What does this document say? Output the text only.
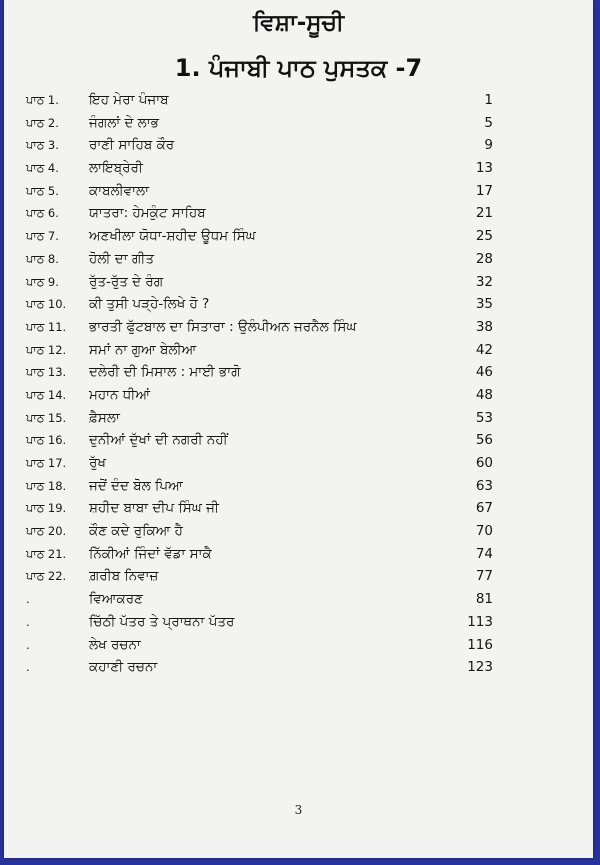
ਵਿਸ਼ਾ-ਸੂਚੀ
1. ਪੰਜਾਬੀ ਪਾਠ ਪੁਸਤਕ -7
ਪਾਠ 1.	ਇਹ ਮੇਰਾ ਪੰਜਾਬ	1
ਪਾਠ 2.	ਜੰਗਲਾਂ ਦੇ ਲਾਭ	5
ਪਾਠ 3.	ਰਾਣੀ ਸਾਹਿਬ ਕੌਰ	9
ਪਾਠ 4.	ਲਾਇਬ੍ਰੇਰੀ	13
ਪਾਠ 5.	ਕਾਬਲੀਵਾਲਾ	17
ਪਾਠ 6.	ਯਾਤਰਾ: ਹੇਮਕੁੰਟ ਸਾਹਿਬ	21
ਪਾਠ 7.	ਅਣਖੀਲਾ ਯੋਧਾ-ਸ਼ਹੀਦ ਊਧਮ ਸਿੰਘ	25
ਪਾਠ 8.	ਹੋਲੀ ਦਾ ਗੀਤ	28
ਪਾਠ 9.	ਰੁੱਤ-ਰੁੱਤ ਦੇ ਰੰਗ	32
ਪਾਠ 10.	ਕੀ ਤੁਸੀ ਪੜ੍ਹੇ-ਲਿਖੇ ਹੋ ?	35
ਪਾਠ 11.	ਭਾਰਤੀ ਫੁੱਟਬਾਲ ਦਾ ਸਿਤਾਰਾ : ਉਲੰਪੀਅਨ ਜਰਨੈਲ ਸਿੰਘ	38
ਪਾਠ 12.	ਸਮਾਂ ਨਾ ਗੁਆ ਬੇਲੀਆ	42
ਪਾਠ 13.	ਦਲੇਰੀ ਦੀ ਮਿਸਾਲ : ਮਾਈ ਭਾਗੋ	46
ਪਾਠ 14.	ਮਹਾਨ ਧੀਆਂ	48
ਪਾਠ 15.	ਫ਼ੈਸਲਾ	53
ਪਾਠ 16.	ਦੁਨੀਆਂ ਦੁੱਖਾਂ ਦੀ ਨਗਰੀ ਨਹੀਂ	56
ਪਾਠ 17.	ਰੁੱਖ	60
ਪਾਠ 18.	ਜਦੋਂ ਦੰਦ ਬੋਲ ਪਿਆ	63
ਪਾਠ 19.	ਸ਼ਹੀਦ ਬਾਬਾ ਦੀਪ ਸਿੰਘ ਜੀ	67
ਪਾਠ 20.	ਕੌਣ ਕਦੇ ਰੁਕਿਆ ਹੈ	70
ਪਾਠ 21.	ਨਿੱਕੀਆਂ ਜਿੰਦਾਂ ਵੱਡਾ ਸਾਕੈ	74
ਪਾਠ 22.	ਗ਼ਰੀਬ ਨਿਵਾਜ਼	77
.	ਵਿਆਕਰਣ	81
.	ਚਿੱਠੀ ਪੱਤਰ ਤੇ ਪ੍ਰਾਥਨਾ ਪੱਤਰ	113
.	ਲੇਖ ਰਚਨਾ	116
.	ਕਹਾਣੀ ਰਚਨਾ	123
3
